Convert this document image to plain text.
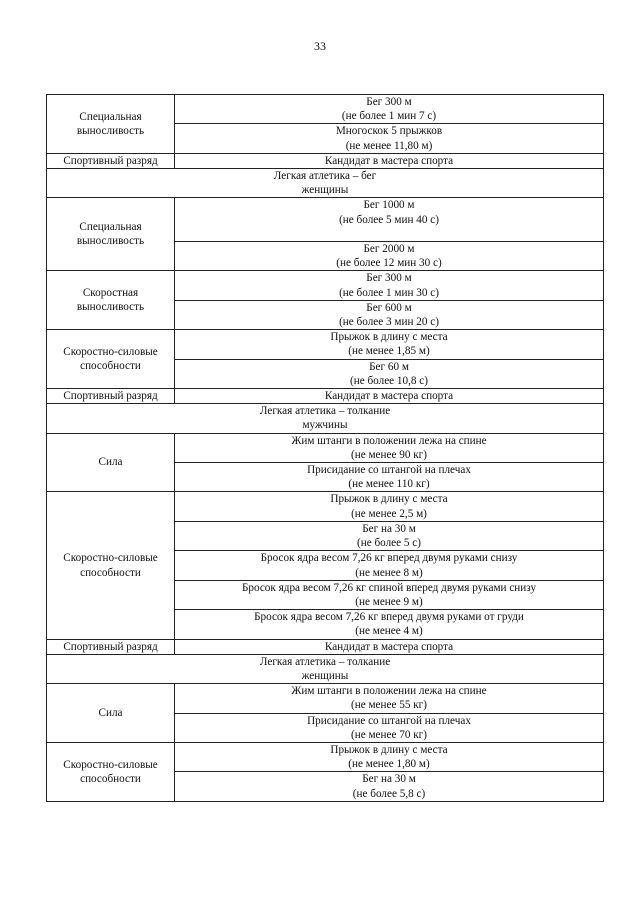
33
Специальная
выносливость	Бег 300 м
(не более 1 мин 7 с)

	Многоскок 5 прыжков
(не менее 11,80 м)

Спортивный разряд	Кандидат в мастера спорта

Легкая атлетика – бег
женщины	

Специальная
выносливость	Бег 1000 м
(не более 5 мин 40 с)

	Бег 2000 м
(не более 12 мин 30 с)

Скоростная
выносливость	Бег 300 м
(не более 1 мин 30 с)

	Бег 600 м
(не более 3 мин 20 с)

Скоростно-силовые
способности	Прыжок в длину с места
(не менее 1,85 м)

	Бег 60 м
(не более 10,8 с)

Спортивный разряд	Кандидат в мастера спорта

Легкая атлетика – толкание
мужчины	

Сила	Жим штанги в положении лежа на спине
(не менее 90 кг)

	Присидание со штангой на плечах
(не менее 110 кг)

Скоростно-силовые
способности	Прыжок в длину с места
(не менее 2,5 м)

	Бег на 30 м
(не более 5 с)

	Бросок ядра весом 7,26 кг вперед двумя руками снизу
(не менее 8 м)

	Бросок ядра весом 7,26 кг спиной вперед двумя руками снизу
(не менее 9 м)

	Бросок ядра весом 7,26 кг вперед двумя руками от груди
(не менее 4 м)

Спортивный разряд	Кандидат в мастера спорта

Легкая атлетика – толкание
женщины	

Сила	Жим штанги в положении лежа на спине
(не менее 55 кг)

	Присидание со штангой на плечах
(не менее 70 кг)

Скоростно-силовые
способности	Прыжок в длину с места
(не менее 1,80 м)

	Бег на 30 м
(не более 5,8 с)
